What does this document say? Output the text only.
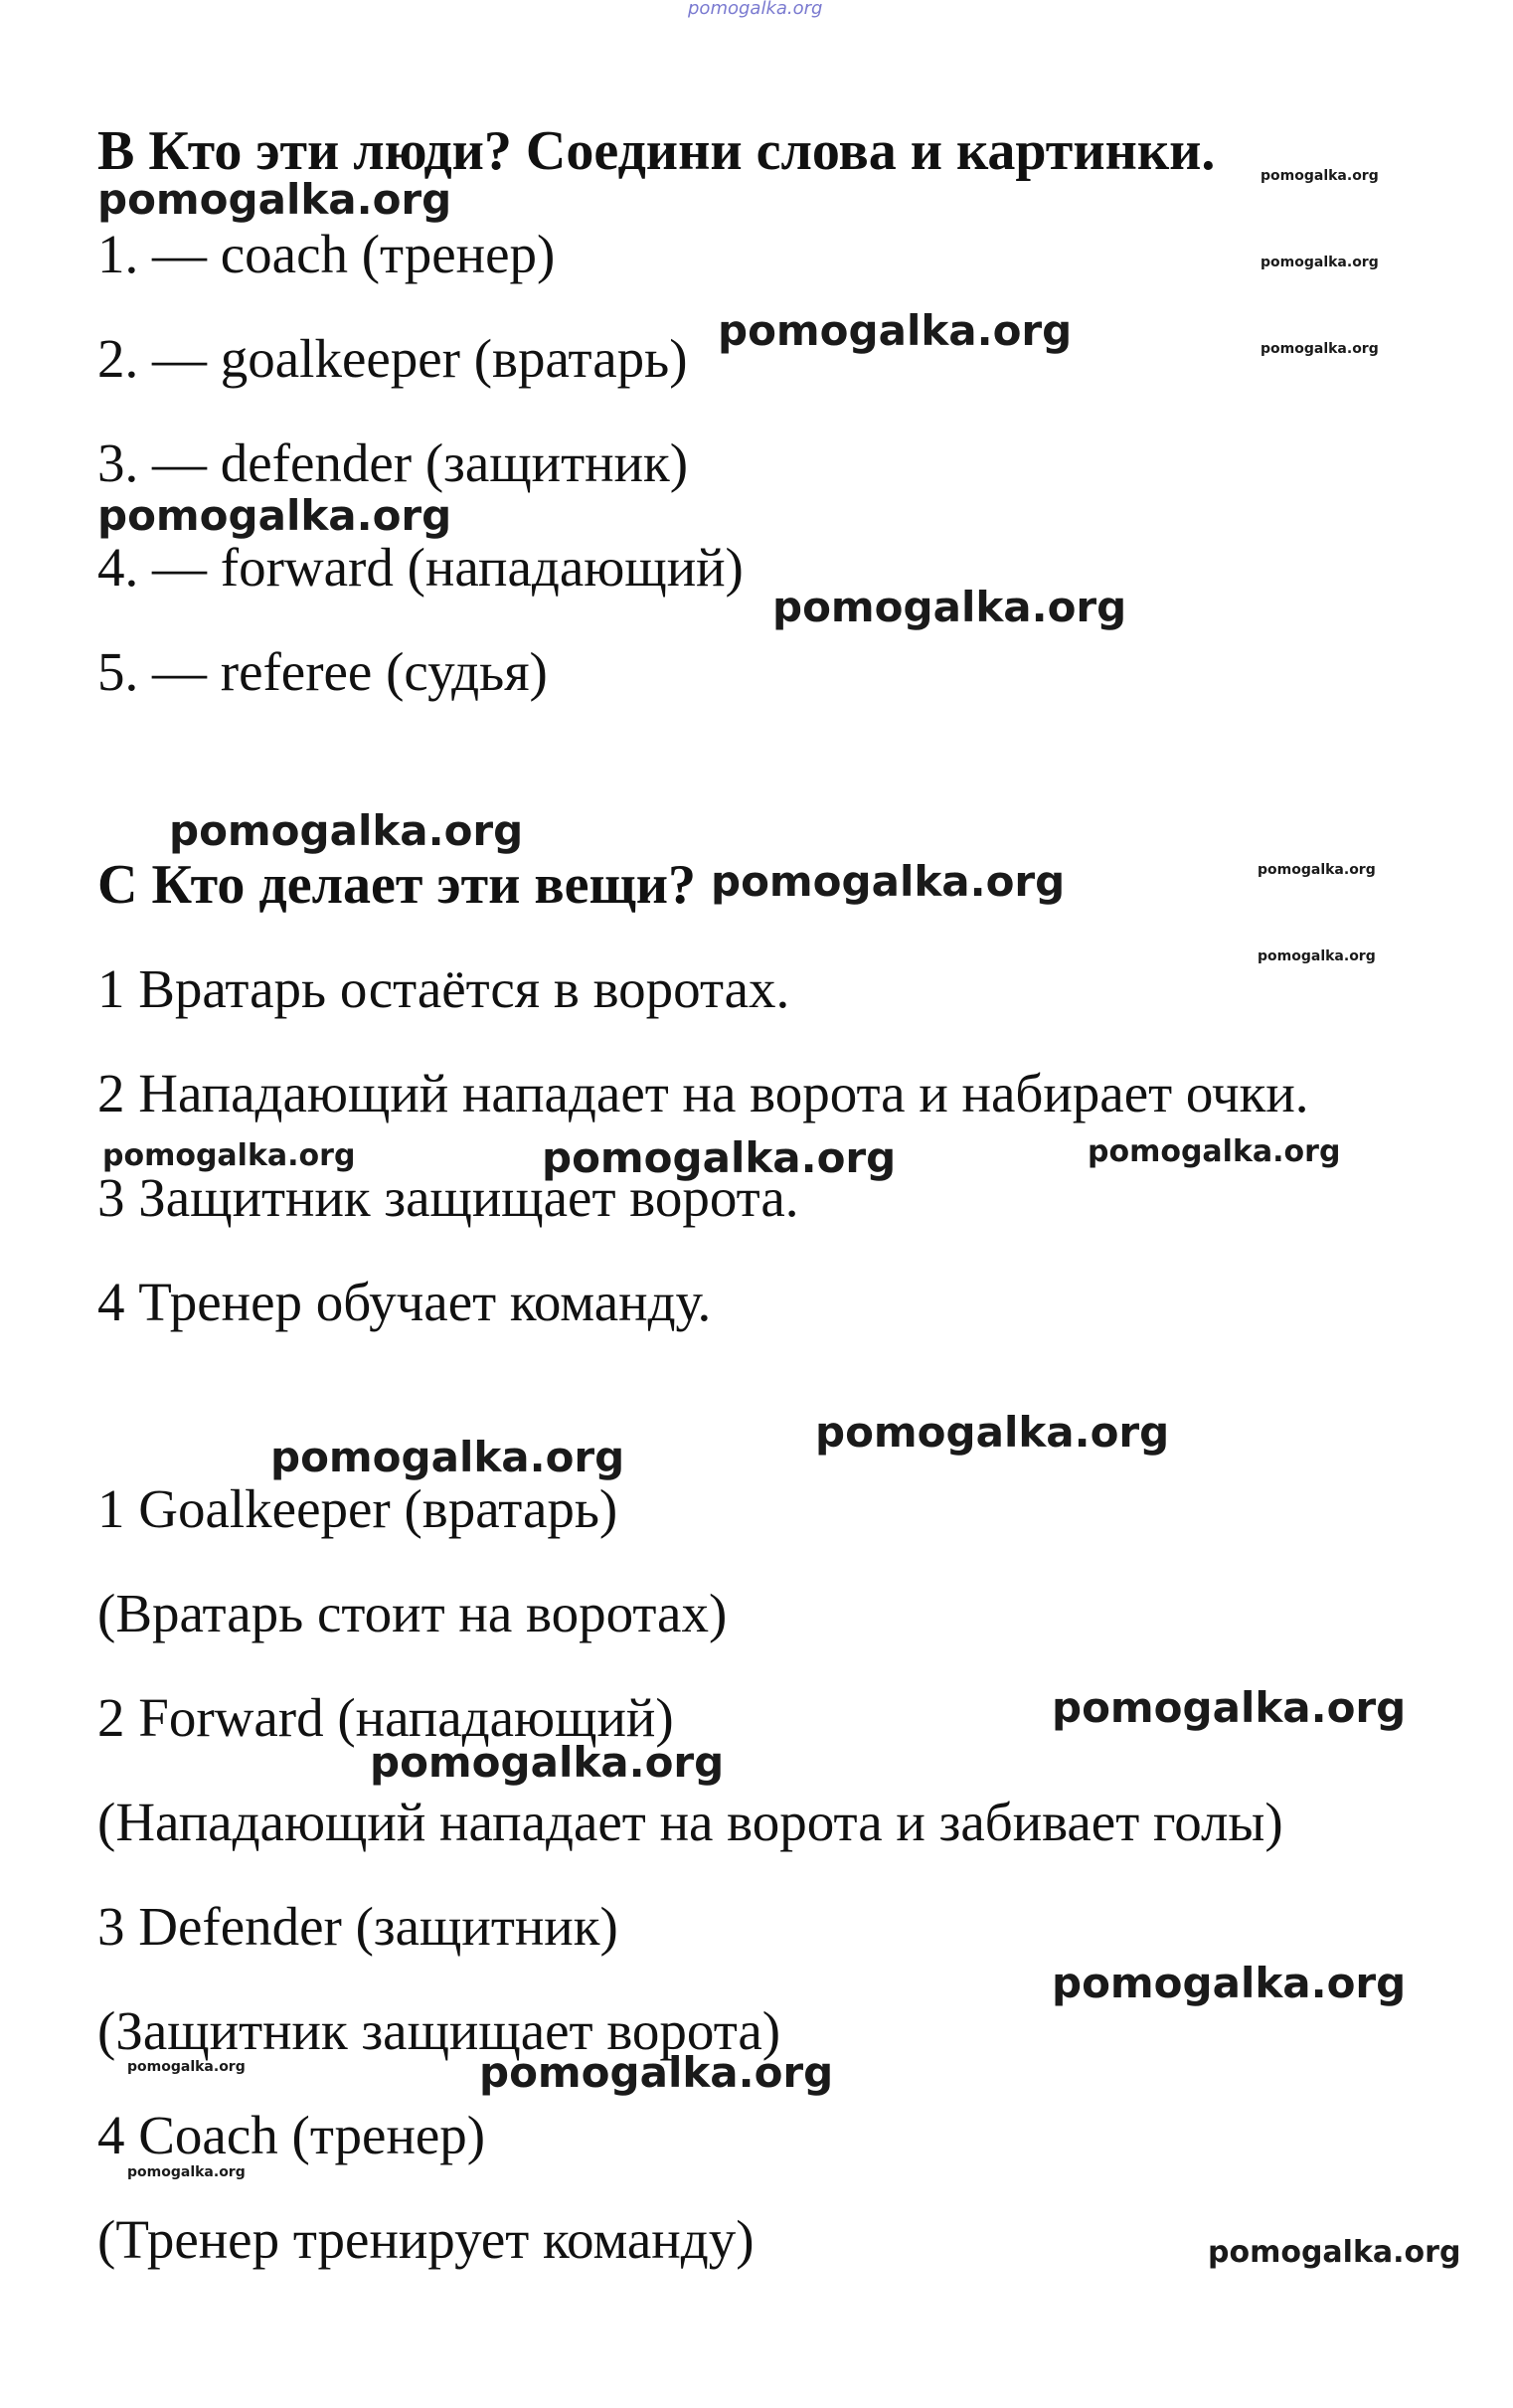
pomogalka.org
B Кто эти люди? Соедини слова и картинки.
1. — coach (тренер)
2. — goalkeeper (вратарь)
3. — defender (защитник)
4. — forward (нападающий)
5. — referee (судья)
C Кто делает эти вещи?
1 Вратарь остаётся в воротах.
2 Нападающий нападает на ворота и набирает очки.
3 Защитник защищает ворота.
4 Тренер обучает команду.
1 Goalkeeper (вратарь)
(Вратарь стоит на воротах)
2 Forward (нападающий)
(Нападающий нападает на ворота и забивает голы)
3 Defender (защитник)
(Защитник защищает ворота)
4 Coach (тренер)
(Тренер тренирует команду)
pomogalka.org
pomogalka.org
pomogalka.org
pomogalka.org
pomogalka.org
pomogalka.org
pomogalka.org
pomogalka.org
pomogalka.org
pomogalka.org
pomogalka.org
pomogalka.org
pomogalka.org
pomogalka.org	pomogalka.org
pomogalka.org
pomogalka.org
pomogalka.org
pomogalka.org
pomogalka.org
pomogalka.org
pomogalka.org
pomogalka.org
